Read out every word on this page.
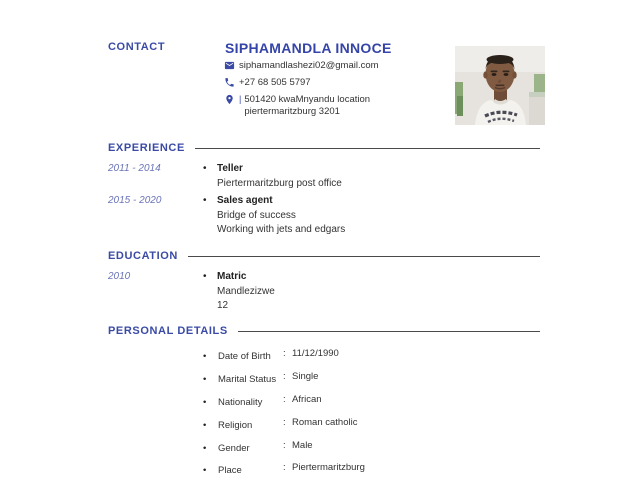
CONTACT	SIPHAMANDLA INNOCE
siphamandlashezi02@gmail.com
+27 68 505 5797
| 501420 kwaMnyandu location
piertermaritzburg 3201
EXPERIENCE
2011 - 2014	•	Teller
Piertermaritzburg post office
2015 - 2020	•	Sales agent
Bridge of success
Working with jets and edgars
EDUCATION
2010	•	Matric
Mandlezizwe
12
PERSONAL DETAILS
•	Date of Birth	: 11/12/1990
•	Marital Status : Single
•	Nationality	: African
•	Religion	: Roman catholic
•	Gender	: Male
•	Place	: Piertermaritzburg
